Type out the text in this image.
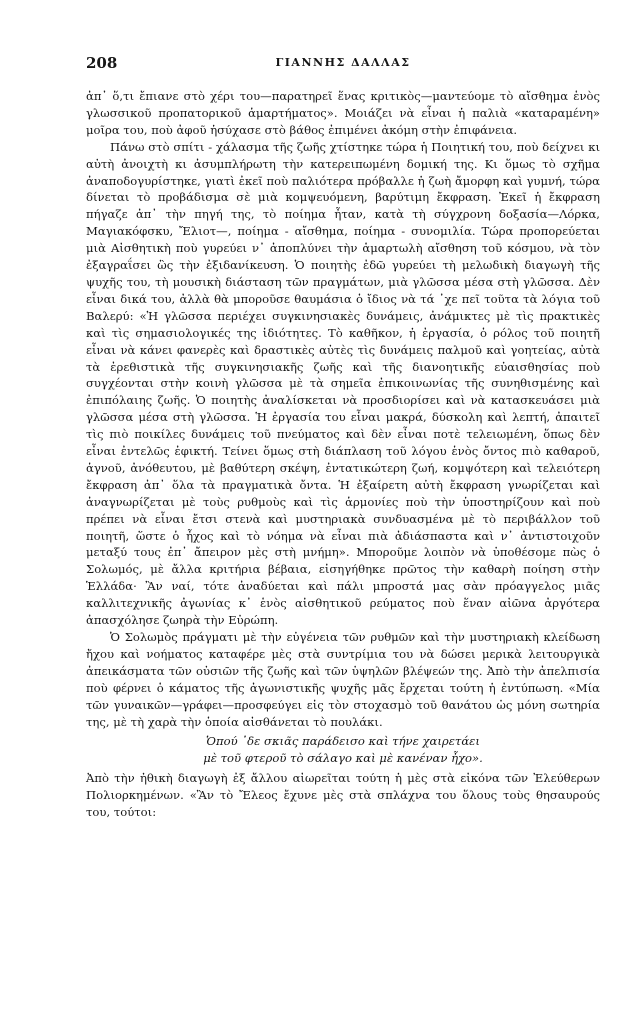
208	ΓΙΑΝΝΗΣ ΔΑΛΛΑΣ

ἀπ᾽ ὅ,τι ἔπιανε στὸ χέρι του—παρατηρεῖ ἕνας κριτικὸς—μαντεύομε τὸ αἴσθημα ἑνὸς γλωσσικοῦ προπατορικοῦ ἁμαρτήματος». Μοιάζει νὰ εἶναι ἡ παλιὰ «καταραμένη» μοῖρα του, ποὺ ἀφοῦ ἡσύχασε στὸ βάθος ἐπιμένει ἀκόμη στὴν ἐπιφάνεια.

Πάνω στὸ σπίτι - χάλασμα τῆς ζωῆς χτίστηκε τώρα ἡ Ποιητική του, ποὺ δείχνει κι αὐτὴ ἀνοιχτὴ κι ἀσυμπλήρωτη τὴν κατερειπωμένη δομική της. Κι ὅμως τὸ σχῆμα ἀναποδογυρίστηκε, γιατὶ ἐκεῖ ποὺ παλιότερα πρόβαλλε ἡ ζωὴ ἄμορφη καὶ γυμνή, τώρα δίνεται τὸ προβάδισμα σὲ μιὰ κομψευόμενη, βαρύτιμη ἔκφραση. Ἐκεῖ ἡ ἔκφραση πήγαζε ἀπ᾽ τὴν πηγή της, τὸ ποίημα ἦταν, κατὰ τὴ σύγχρονη δοξασία—Λόρκα, Μαγιακόφσκυ, Ἔλιοτ—, ποίημα - αἴσθημα, ποίημα - συνομιλία. Τώρα προπορεύεται μιὰ Αἰσθητικὴ ποὺ γυρεύει ν᾽ ἀποπλύνει τὴν ἁμαρτωλὴ αἴσθηση τοῦ κόσμου, νὰ τὸν ἐξαγραΐσει ὣς τὴν ἐξιδανίκευση. Ὁ ποιητὴς ἐδῶ γυρεύει τὴ μελωδικὴ διαγωγὴ τῆς ψυχῆς του, τὴ μουσικὴ διάσταση τῶν πραγμάτων, μιὰ γλῶσσα μέσα στὴ γλῶσσα. Δὲν εἶναι δικά του, ἀλλὰ θὰ μποροῦσε θαυμάσια ὁ ἴδιος νὰ τά ᾽χε πεῖ τοῦτα τὰ λόγια τοῦ Βαλερύ: «Ἡ γλῶσσα περιέχει συγκινησιακὲς δυνάμεις, ἀνάμικτες μὲ τὶς πρακτικὲς καὶ τὶς σημασιολογικές της ἰδιότητες. Τὸ καθῆκον, ἡ ἐργασία, ὁ ρόλος τοῦ ποιητῆ εἶναι νὰ κάνει φανερὲς καὶ δραστικὲς αὐτὲς τὶς δυνάμεις παλμοῦ καὶ γοητείας, αὐτὰ τὰ ἐρεθιστικὰ τῆς συγκινησιακῆς ζωῆς καὶ τῆς διανοητικῆς εὐαισθησίας ποὺ συγχέονται στὴν κοινὴ γλῶσσα μὲ τὰ σημεῖα ἐπικοινωνίας τῆς συνηθισμένης καὶ ἐπιπόλαιης ζωῆς. Ὁ ποιητὴς ἀναλίσκεται νὰ προσδιορίσει καὶ νὰ κατασκευάσει μιὰ γλῶσσα μέσα στὴ γλῶσσα. Ἡ ἐργασία του εἶναι μακρά, δύσκολη καὶ λεπτή, ἀπαιτεῖ τὶς πιὸ ποικίλες δυνάμεις τοῦ πνεύματος καὶ δὲν εἶναι ποτὲ τελειωμένη, ὅπως δὲν εἶναι ἐντελῶς ἐφικτή. Τείνει ὅμως στὴ διάπλαση τοῦ λόγου ἑνὸς ὄντος πιὸ καθαροῦ, ἁγνοῦ, ἀνόθευτου, μὲ βαθύτερη σκέψη, ἐντατικώτερη ζωή, κομψότερη καὶ τελειότερη ἔκφραση ἀπ᾽ ὅλα τὰ πραγματικὰ ὄντα. Ἡ ἐξαίρετη αὐτὴ ἔκφραση γνωρίζεται καὶ ἀναγνωρίζεται μὲ τοὺς ρυθμοὺς καὶ τὶς ἁρμονίες ποὺ τὴν ὑποστηρίζουν καὶ ποὺ πρέπει νὰ εἶναι ἔτσι στενὰ καὶ μυστηριακὰ συνδυασμένα μὲ τὸ περιβάλλον τοῦ ποιητῆ, ὥστε ὁ ἦχος καὶ τὸ νόημα νὰ εἶναι πιὰ ἀδιάσπαστα καὶ ν᾽ ἀντιστοιχοῦν μεταξύ τους ἐπ᾽ ἄπειρον μὲς στὴ μνήμη». Μποροῦμε λοιπὸν νὰ ὑποθέσομε πὼς ὁ Σολωμός, μὲ ἄλλα κριτήρια βέβαια, εἰσηγήθηκε πρῶτος τὴν καθαρὴ ποίηση στὴν Ἑλλάδα· Ἂν ναί, τότε ἀναδύεται καὶ πάλι μπροστά μας σὰν πρόαγγελος μιᾶς καλλιτεχνικῆς ἀγωνίας κ᾽ ἑνὸς αἰσθητικοῦ ρεύματος ποὺ ἕναν αἰῶνα ἀργότερα ἀπασχόλησε ζωηρὰ τὴν Εὐρώπη.

Ὁ Σολωμὸς πράγματι μὲ τὴν εὐγένεια τῶν ρυθμῶν καὶ τὴν μυστηριακὴ κλείδωση ἤχου καὶ νοήματος καταφέρε μὲς στὰ συντρίμια του νὰ δώσει μερικὰ λειτουργικὰ ἀπεικάσματα τῶν οὐσιῶν τῆς ζωῆς καὶ τῶν ὑψηλῶν βλέψεών της. Ἀπὸ τὴν ἀπελπισία ποὺ φέρνει ὁ κάματος τῆς ἀγωνιστικῆς ψυχῆς μᾶς ἔρχεται τούτη ἡ ἐντύπωση. «Μία τῶν γυναικῶν—γράφει—προσφεύγει εἰς τὸν στοχασμὸ τοῦ θανάτου ὡς μόνη σωτηρία της, μὲ τὴ χαρὰ τὴν ὁποία αἰσθάνεται τὸ πουλάκι.

Ὁπού ᾽δε σκιᾶς παράδεισο καὶ τήνε χαιρετάει
μὲ τοῦ φτεροῦ τὸ σάλαγο καὶ μὲ κανέναν ἦχο».

Ἀπὸ τὴν ἠθικὴ διαγωγὴ ἐξ ἄλλου αἰωρεῖται τούτη ἡ μὲς στὰ εἰκόνα τῶν Ἐλεύθερων Πολιορκημένων. «Ἂν τὸ Ἔλεος ἔχυνε μὲς στὰ σπλάχνα του ὅλους τοὺς θησαυρούς του, τούτοι:
